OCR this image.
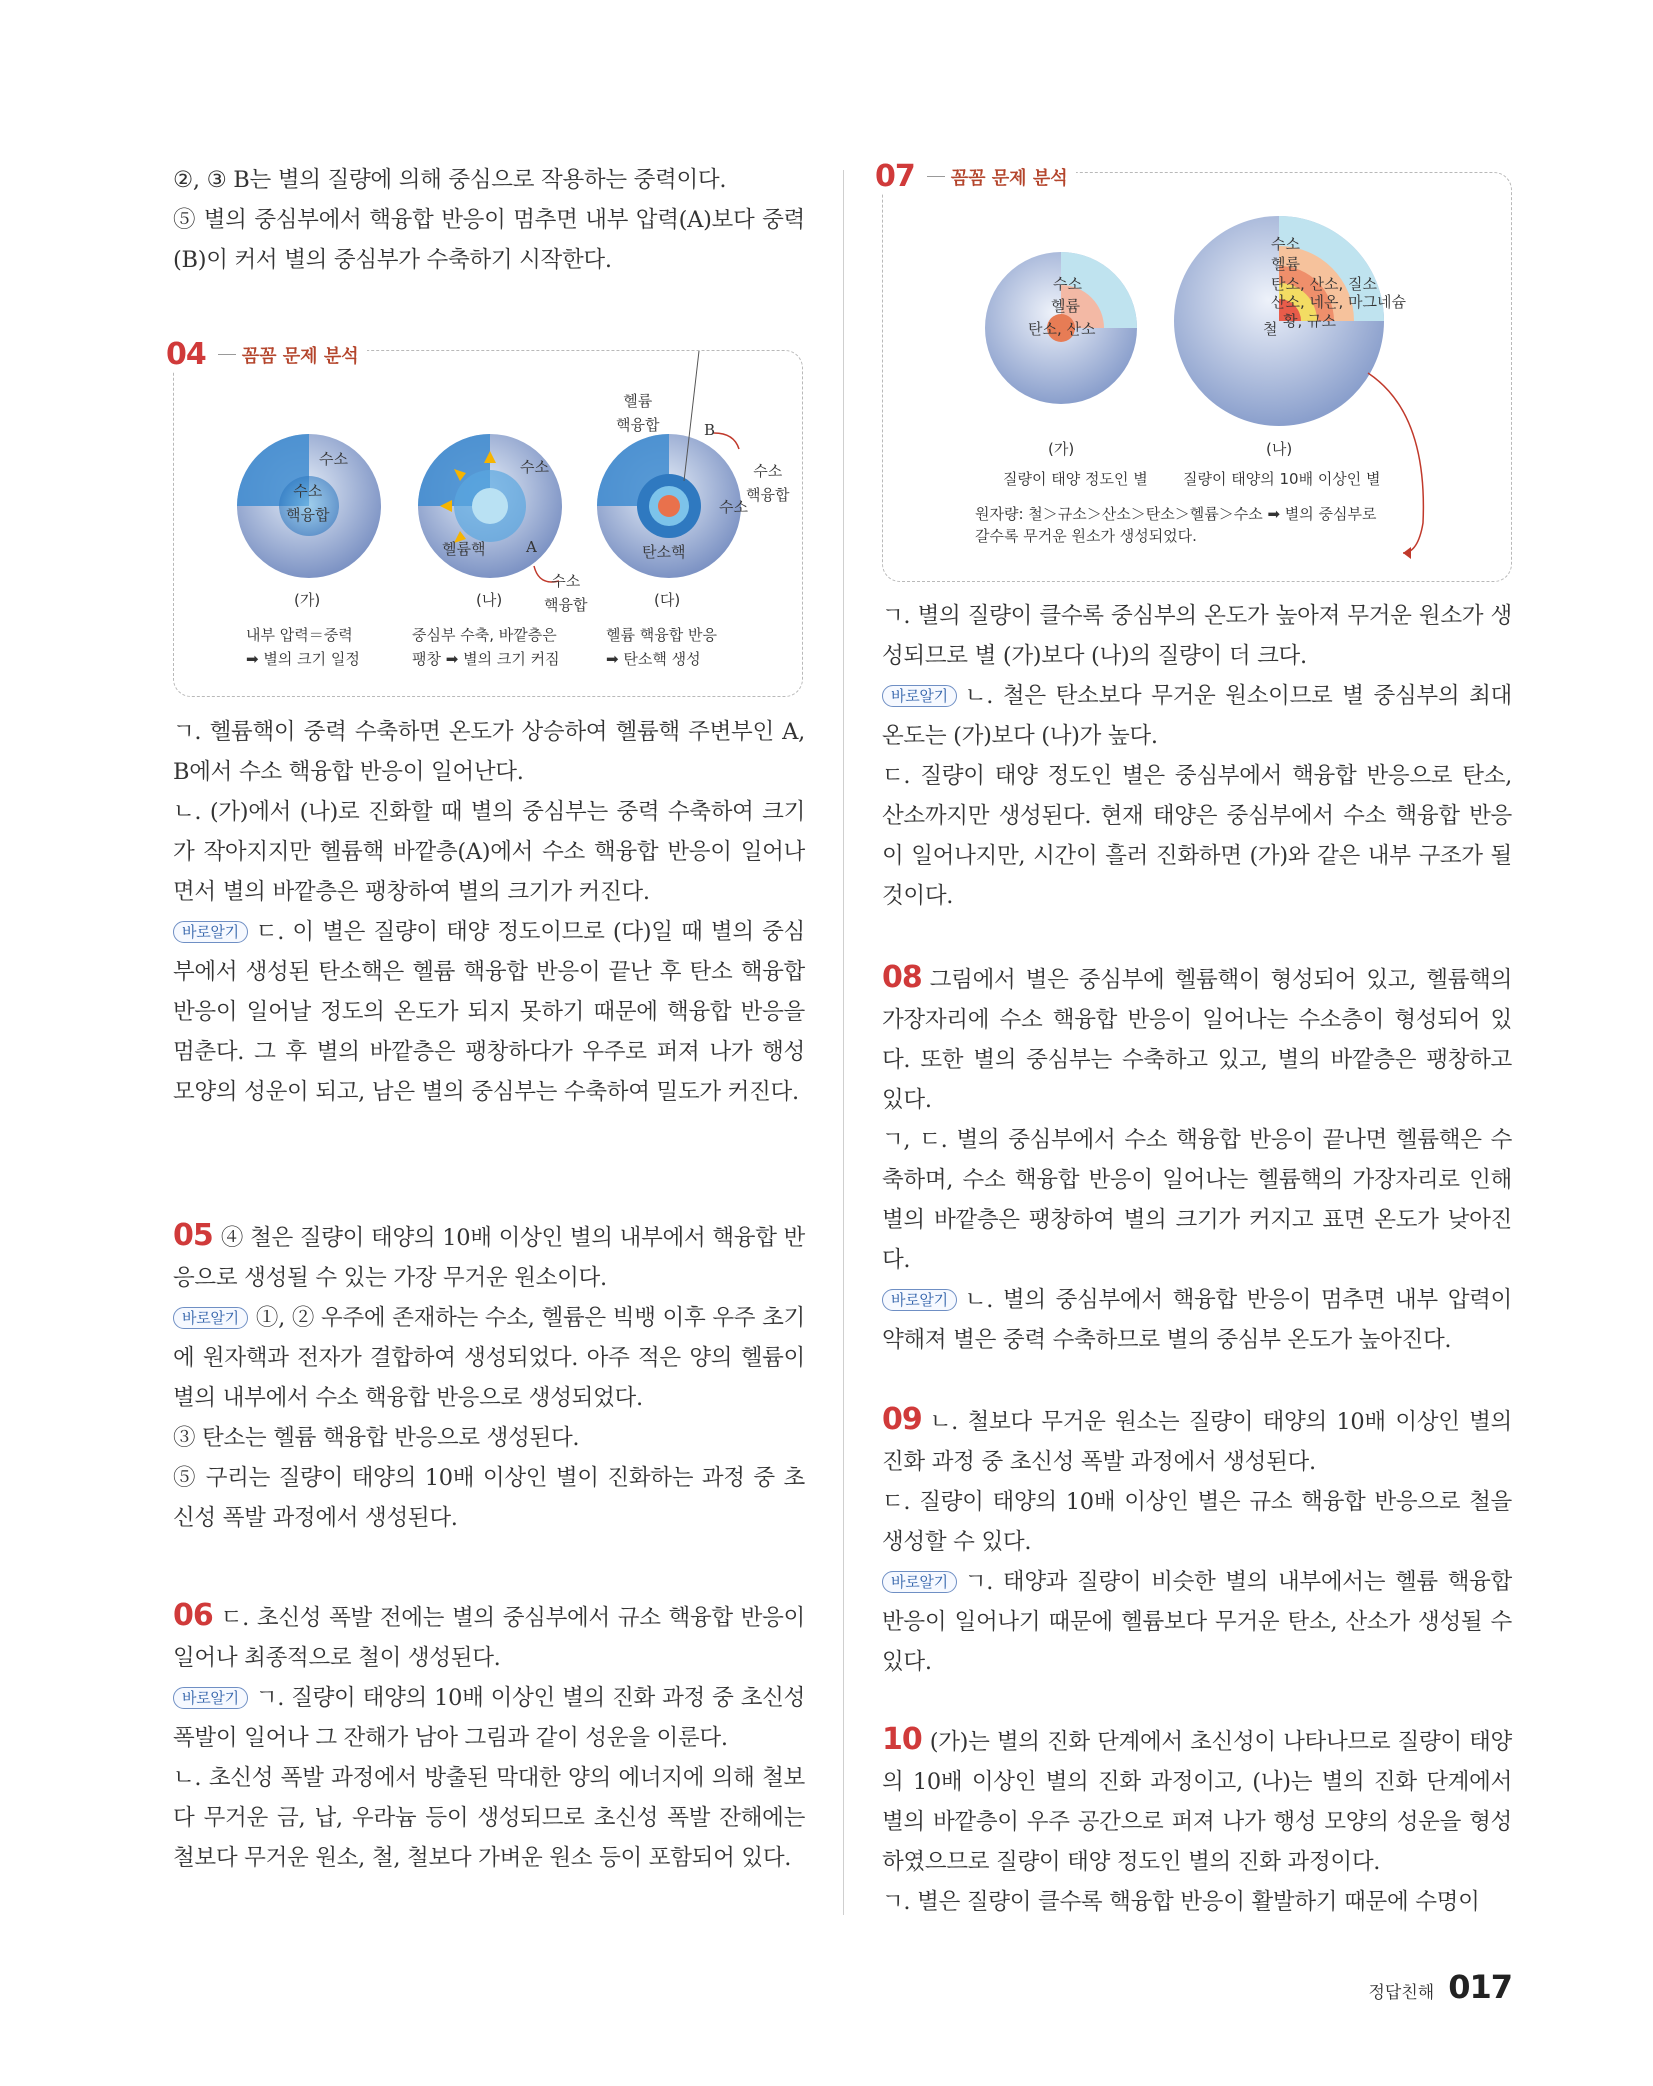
②, ③ B는 별의 질량에 의해 중심으로 작용하는 중력이다.

⑤ 별의 중심부에서 핵융합 반응이 멈추면 내부 압력(A)보다 중력(B)이 커서 별의 중심부가 수축하기 시작한다.

04 꼼꼼 문제 분석
수소
수소
핵융합
수소
헬륨핵	A
수소
핵융합
헬륨
핵융합	B
수소
수소
핵융합
탄소핵
(가)	(나)	(다)
내부 압력＝중력
➡ 별의 크기 일정
중심부 수축, 바깥층은
팽창 ➡ 별의 크기 커짐
헬륨 핵융합 반응
➡ 탄소핵 생성

ㄱ. 헬륨핵이 중력 수축하면 온도가 상승하여 헬륨핵 주변부인 A, B에서 수소 핵융합 반응이 일어난다.

ㄴ. (가)에서 (나)로 진화할 때 별의 중심부는 중력 수축하여 크기가 작아지지만 헬륨핵 바깥층(A)에서 수소 핵융합 반응이 일어나면서 별의 바깥층은 팽창하여 별의 크기가 커진다.

바로알기 ㄷ. 이 별은 질량이 태양 정도이므로 (다)일 때 별의 중심부에서 생성된 탄소핵은 헬륨 핵융합 반응이 끝난 후 탄소 핵융합 반응이 일어날 정도의 온도가 되지 못하기 때문에 핵융합 반응을 멈춘다. 그 후 별의 바깥층은 팽창하다가 우주로 퍼져 나가 행성 모양의 성운이 되고, 남은 별의 중심부는 수축하여 밀도가 커진다.

05 ④ 철은 질량이 태양의 10배 이상인 별의 내부에서 핵융합 반응으로 생성될 수 있는 가장 무거운 원소이다.

바로알기 ①, ② 우주에 존재하는 수소, 헬륨은 빅뱅 이후 우주 초기에 원자핵과 전자가 결합하여 생성되었다. 아주 적은 양의 헬륨이 별의 내부에서 수소 핵융합 반응으로 생성되었다.

③ 탄소는 헬륨 핵융합 반응으로 생성된다.

⑤ 구리는 질량이 태양의 10배 이상인 별이 진화하는 과정 중 초신성 폭발 과정에서 생성된다.

06 ㄷ. 초신성 폭발 전에는 별의 중심부에서 규소 핵융합 반응이 일어나 최종적으로 철이 생성된다.

바로알기 ㄱ. 질량이 태양의 10배 이상인 별의 진화 과정 중 초신성 폭발이 일어나 그 잔해가 남아 그림과 같이 성운을 이룬다.

ㄴ. 초신성 폭발 과정에서 방출된 막대한 양의 에너지에 의해 철보다 무거운 금, 납, 우라늄 등이 생성되므로 초신성 폭발 잔해에는 철보다 무거운 원소, 철, 철보다 가벼운 원소 등이 포함되어 있다.

07 꼼꼼 문제 분석
수소
헬륨
탄소, 산소
수소
헬륨
탄소, 산소, 질소
산소, 네온, 마그네슘
황, 규소
철
(가)	(나)
질량이 태양 정도인 별 질량이 태양의 10배 이상인 별
원자량: 철＞규소＞산소＞탄소＞헬륨＞수소 ➡ 별의 중심부로
갈수록 무거운 원소가 생성되었다.

ㄱ. 별의 질량이 클수록 중심부의 온도가 높아져 무거운 원소가 생성되므로 별 (가)보다 (나)의 질량이 더 크다.

바로알기 ㄴ. 철은 탄소보다 무거운 원소이므로 별 중심부의 최대 온도는 (가)보다 (나)가 높다.

ㄷ. 질량이 태양 정도인 별은 중심부에서 핵융합 반응으로 탄소, 산소까지만 생성된다. 현재 태양은 중심부에서 수소 핵융합 반응이 일어나지만, 시간이 흘러 진화하면 (가)와 같은 내부 구조가 될 것이다.

08 그림에서 별은 중심부에 헬륨핵이 형성되어 있고, 헬륨핵의 가장자리에 수소 핵융합 반응이 일어나는 수소층이 형성되어 있다. 또한 별의 중심부는 수축하고 있고, 별의 바깥층은 팽창하고 있다.

ㄱ, ㄷ. 별의 중심부에서 수소 핵융합 반응이 끝나면 헬륨핵은 수축하며, 수소 핵융합 반응이 일어나는 헬륨핵의 가장자리로 인해 별의 바깥층은 팽창하여 별의 크기가 커지고 표면 온도가 낮아진다.

바로알기 ㄴ. 별의 중심부에서 핵융합 반응이 멈추면 내부 압력이 약해져 별은 중력 수축하므로 별의 중심부 온도가 높아진다.

09 ㄴ. 철보다 무거운 원소는 질량이 태양의 10배 이상인 별의 진화 과정 중 초신성 폭발 과정에서 생성된다.

ㄷ. 질량이 태양의 10배 이상인 별은 규소 핵융합 반응으로 철을 생성할 수 있다.

바로알기 ㄱ. 태양과 질량이 비슷한 별의 내부에서는 헬륨 핵융합 반응이 일어나기 때문에 헬륨보다 무거운 탄소, 산소가 생성될 수 있다.

10 (가)는 별의 진화 단계에서 초신성이 나타나므로 질량이 태양의 10배 이상인 별의 진화 과정이고, (나)는 별의 진화 단계에서 별의 바깥층이 우주 공간으로 퍼져 나가 행성 모양의 성운을 형성하였으므로 질량이 태양 정도인 별의 진화 과정이다.

ㄱ. 별은 질량이 클수록 핵융합 반응이 활발하기 때문에 수명이

정답친해 017
